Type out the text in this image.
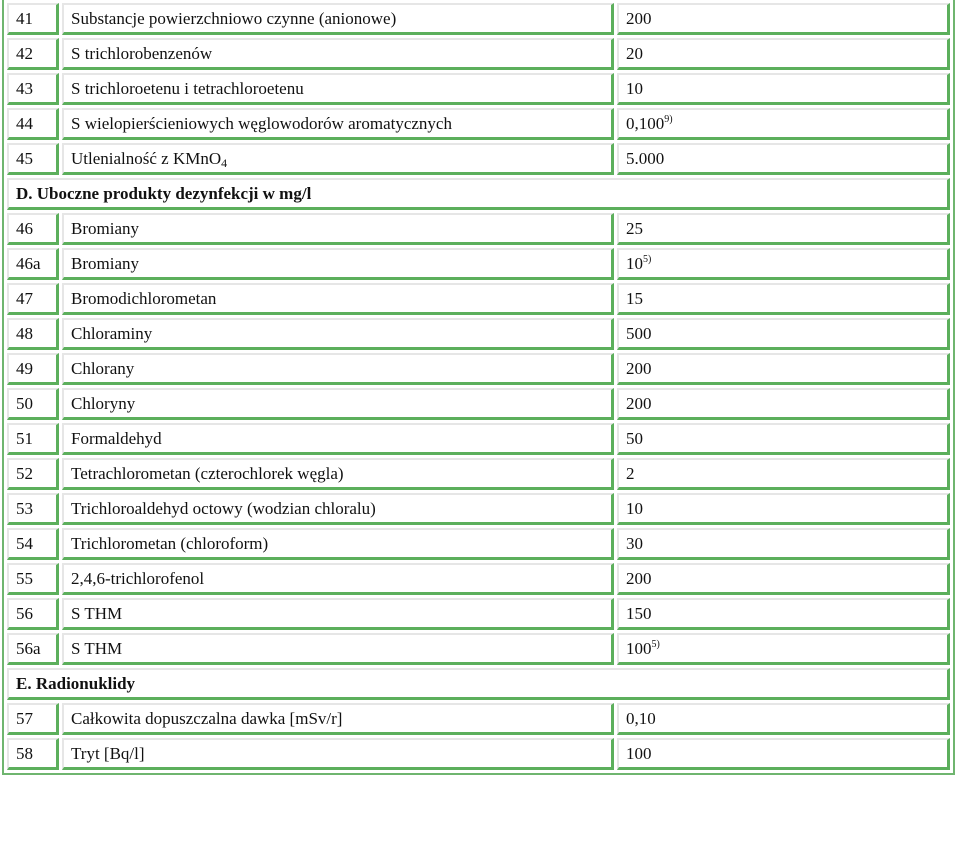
41	Substancje powierzchniowo czynne (anionowe)	200
42	S trichlorobenzenów	20
43	S trichloroetenu i tetrachloroetenu	10
44	S wielopierścieniowych węglowodorów aromatycznych	0,100$^{9)}$
45	Utlenialność z KMnO$_4$	5.000
D. Uboczne produkty dezynfekcji w mg/l		
46	Bromiany	25
46a	Bromiany	10$^{5)}$
47	Bromodichlorometan	15
48	Chloraminy	500
49	Chlorany	200
50	Chloryny	200
51	Formaldehyd	50
52	Tetrachlorometan (czterochlorek węgla)	2
53	Trichloroaldehyd octowy (wodzian chloralu)	10
54	Trichlorometan (chloroform)	30
55	2,4,6-trichlorofenol	200
56	S THM	150
56a	S THM	100$^{5)}$
E. Radionuklidy		
57	Całkowita dopuszczalna dawka [mSv/r]	0,10
58	Tryt [Bq/l]	100
